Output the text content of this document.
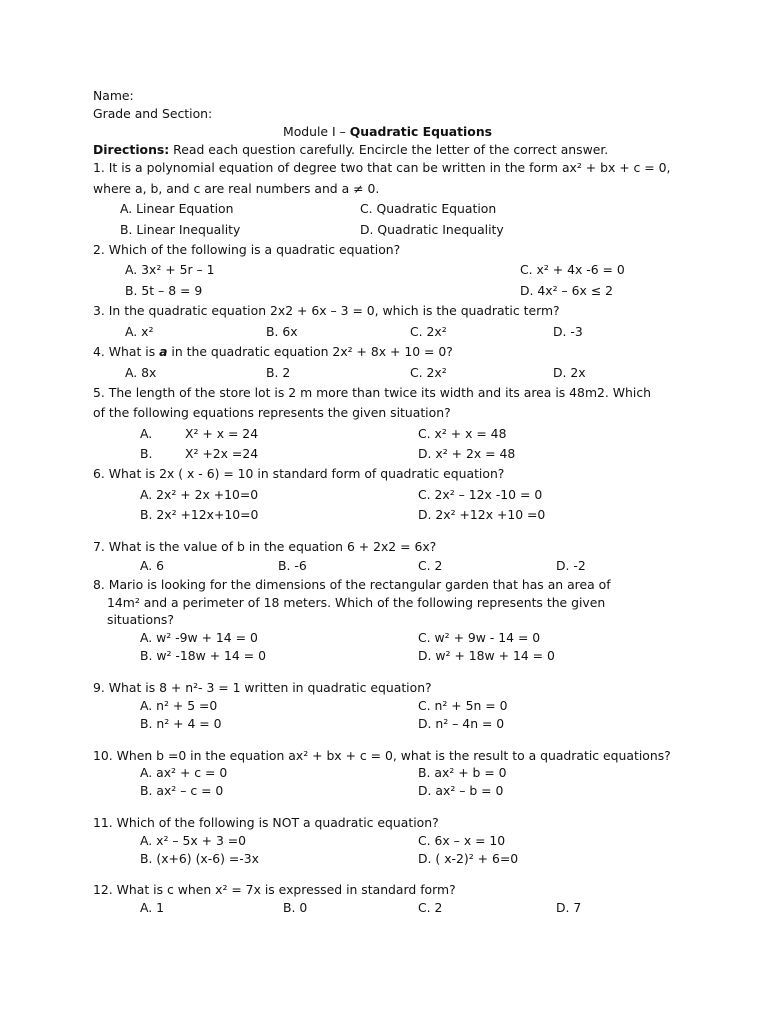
Name:
Grade and Section:
Module I – Quadratic Equations
Directions: Read each question carefully. Encircle the letter of the correct answer.
1. It is a polynomial equation of degree two that can be written in the form ax² + bx + c = 0,
where a, b, and c are real numbers and a ≠ 0.
A. Linear Equation	C. Quadratic Equation
B. Linear Inequality	D. Quadratic Inequality
2. Which of the following is a quadratic equation?
A. 3x² + 5r – 1	C. x² + 4x -6 = 0
B. 5t – 8 = 9	D. 4x² – 6x ≤ 2
3. In the quadratic equation 2x2 + 6x – 3 = 0, which is the quadratic term?
A. x²	B. 6x	C. 2x²	D. -3
4. What is a in the quadratic equation 2x² + 8x + 10 = 0?
A. 8x	B. 2	C. 2x²	D. 2x
5. The length of the store lot is 2 m more than twice its width and its area is 48m2. Which
of the following equations represents the given situation?
A.	X² + x = 24	C. x² + x = 48
B.	X² +2x =24	D. x² + 2x = 48
6. What is 2x ( x - 6) = 10 in standard form of quadratic equation?
A. 2x² + 2x +10=0	C. 2x² – 12x -10 = 0
B. 2x² +12x+10=0	D. 2x² +12x +10 =0
7. What is the value of b in the equation 6 + 2x2 = 6x?
A. 6	B. -6	C. 2	D. -2
8. Mario is looking for the dimensions of the rectangular garden that has an area of
14m² and a perimeter of 18 meters. Which of the following represents the given
situations?
A. w² -9w + 14 = 0	C. w² + 9w - 14 = 0
B. w² -18w + 14 = 0	D. w² + 18w + 14 = 0
9. What is 8 + n²- 3 = 1 written in quadratic equation?
A. n² + 5 =0	C. n² + 5n = 0
B. n² + 4 = 0	D. n² – 4n = 0
10. When b =0 in the equation ax² + bx + c = 0, what is the result to a quadratic equations?
A. ax² + c = 0	B. ax² + b = 0
B. ax² – c = 0	D. ax² – b = 0
11. Which of the following is NOT a quadratic equation?
A. x² – 5x + 3 =0	C. 6x – x = 10
B. (x+6) (x-6) =-3x	D. ( x-2)² + 6=0
12. What is c when x² = 7x is expressed in standard form?
A. 1	B. 0	C. 2	D. 7
